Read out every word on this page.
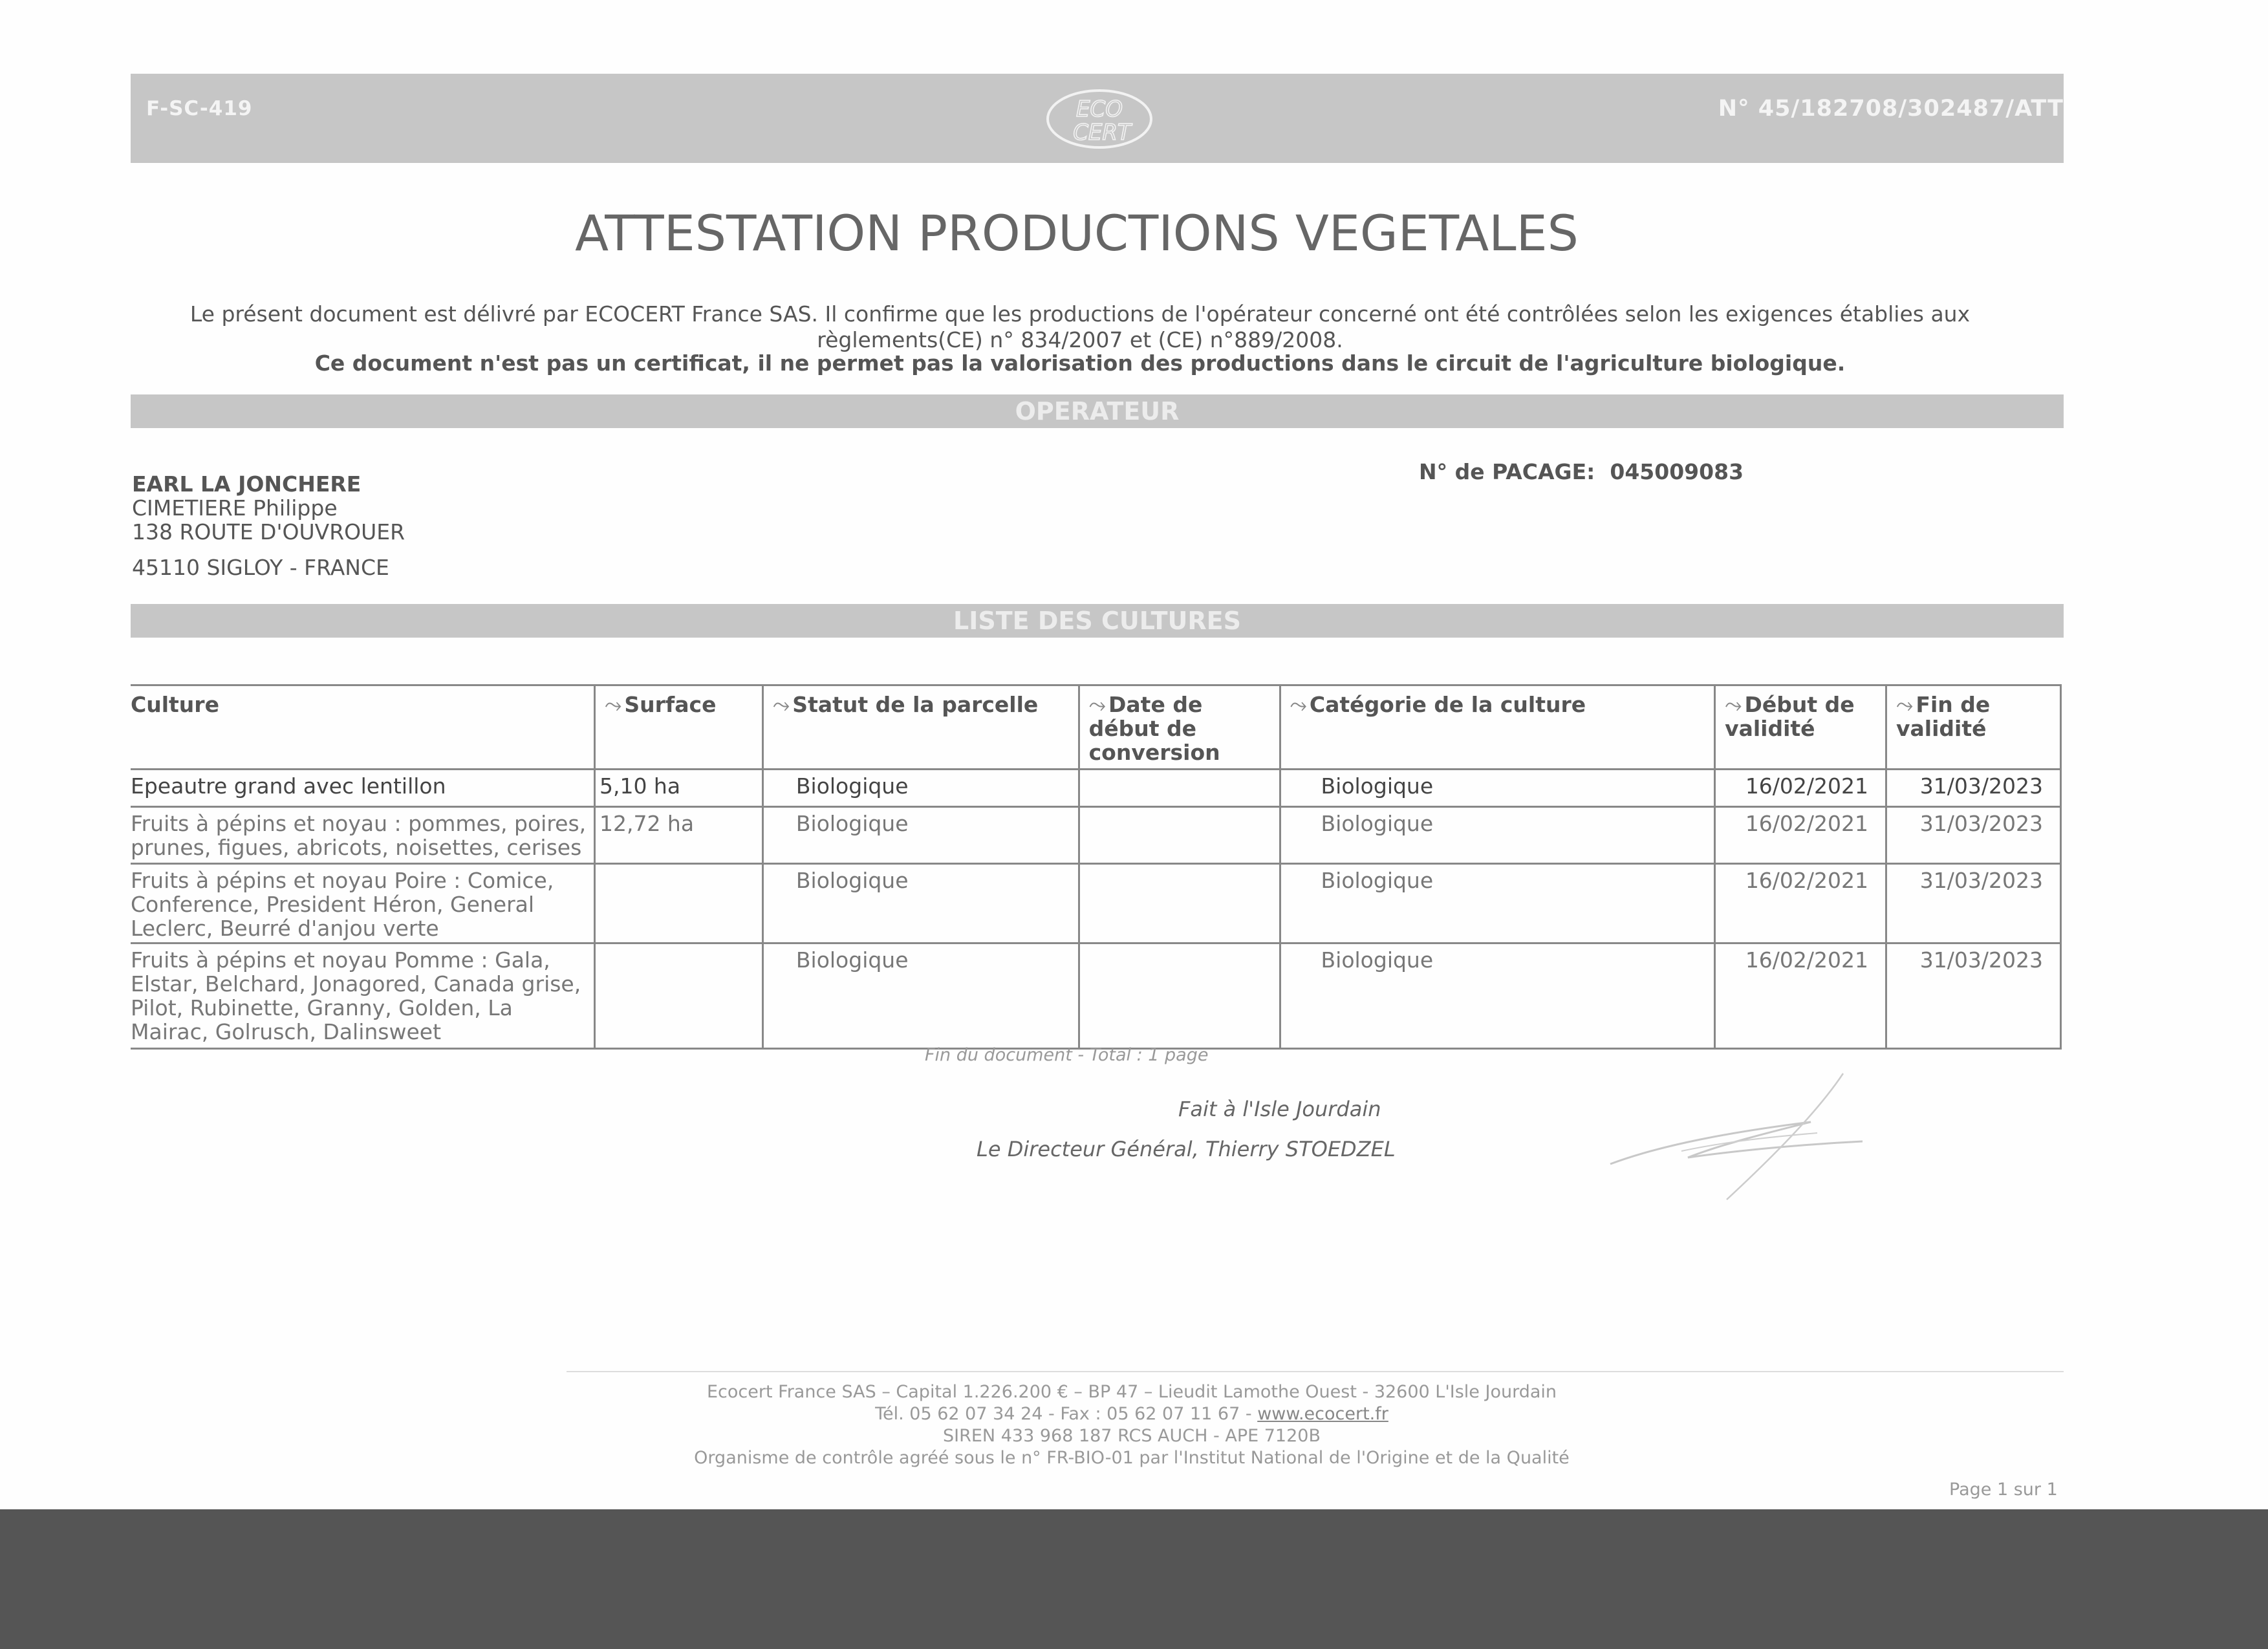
F-SC-419	ECO
CERT
N° 45/182708/302487/ATT
ATTESTATION PRODUCTIONS VEGETALES
Le présent document est délivré par ECOCERT France SAS. Il confirme que les productions de l'opérateur concerné ont été contrôlées selon les exigences établies aux règlements(CE) n° 834/2007 et (CE) n°889/2008.
Ce document n'est pas un certificat, il ne permet pas la valorisation des productions dans le circuit de l'agriculture biologique.
OPERATEUR
EARL LA JONCHERE
CIMETIERE Philippe
138 ROUTE D'OUVROUER
45110 SIGLOY - FRANCE
N° de PACAGE: 045009083
LISTE DES CULTURES
Culture	⤳ Surface	⤳ Statut de la parcelle	⤳ Date de début de conversion	⤳ Catégorie de la culture	⤳ Début de validité	⤳ Fin de validité
Epeautre grand avec lentillon	5,10 ha	Biologique		Biologique	16/02/2021	31/03/2023
Fruits à pépins et noyau : pommes, poires, prunes, figues, abricots, noisettes, cerises	12,72 ha	Biologique		Biologique	16/02/2021	31/03/2023
Fruits à pépins et noyau Poire : Comice, Conference, President Héron, General Leclerc, Beurré d'anjou verte		Biologique		Biologique	16/02/2021	31/03/2023
Fruits à pépins et noyau Pomme : Gala, Elstar, Belchard, Jonagored, Canada grise, Pilot, Rubinette, Granny, Golden, La Mairac, Golrusch, Dalinsweet		Biologique		Biologique	16/02/2021	31/03/2023
Fin du document - Total : 1 page
Fait à l'Isle Jourdain
Le Directeur Général, Thierry STOEDZEL
Ecocert France SAS – Capital 1.226.200 € – BP 47 – Lieudit Lamothe Ouest - 32600 L'Isle Jourdain
Tél. 05 62 07 34 24 - Fax : 05 62 07 11 67 - www.ecocert.fr
SIREN 433 968 187 RCS AUCH - APE 7120B
Organisme de contrôle agréé sous le n° FR-BIO-01 par l'Institut National de l'Origine et de la Qualité
Page 1 sur 1
